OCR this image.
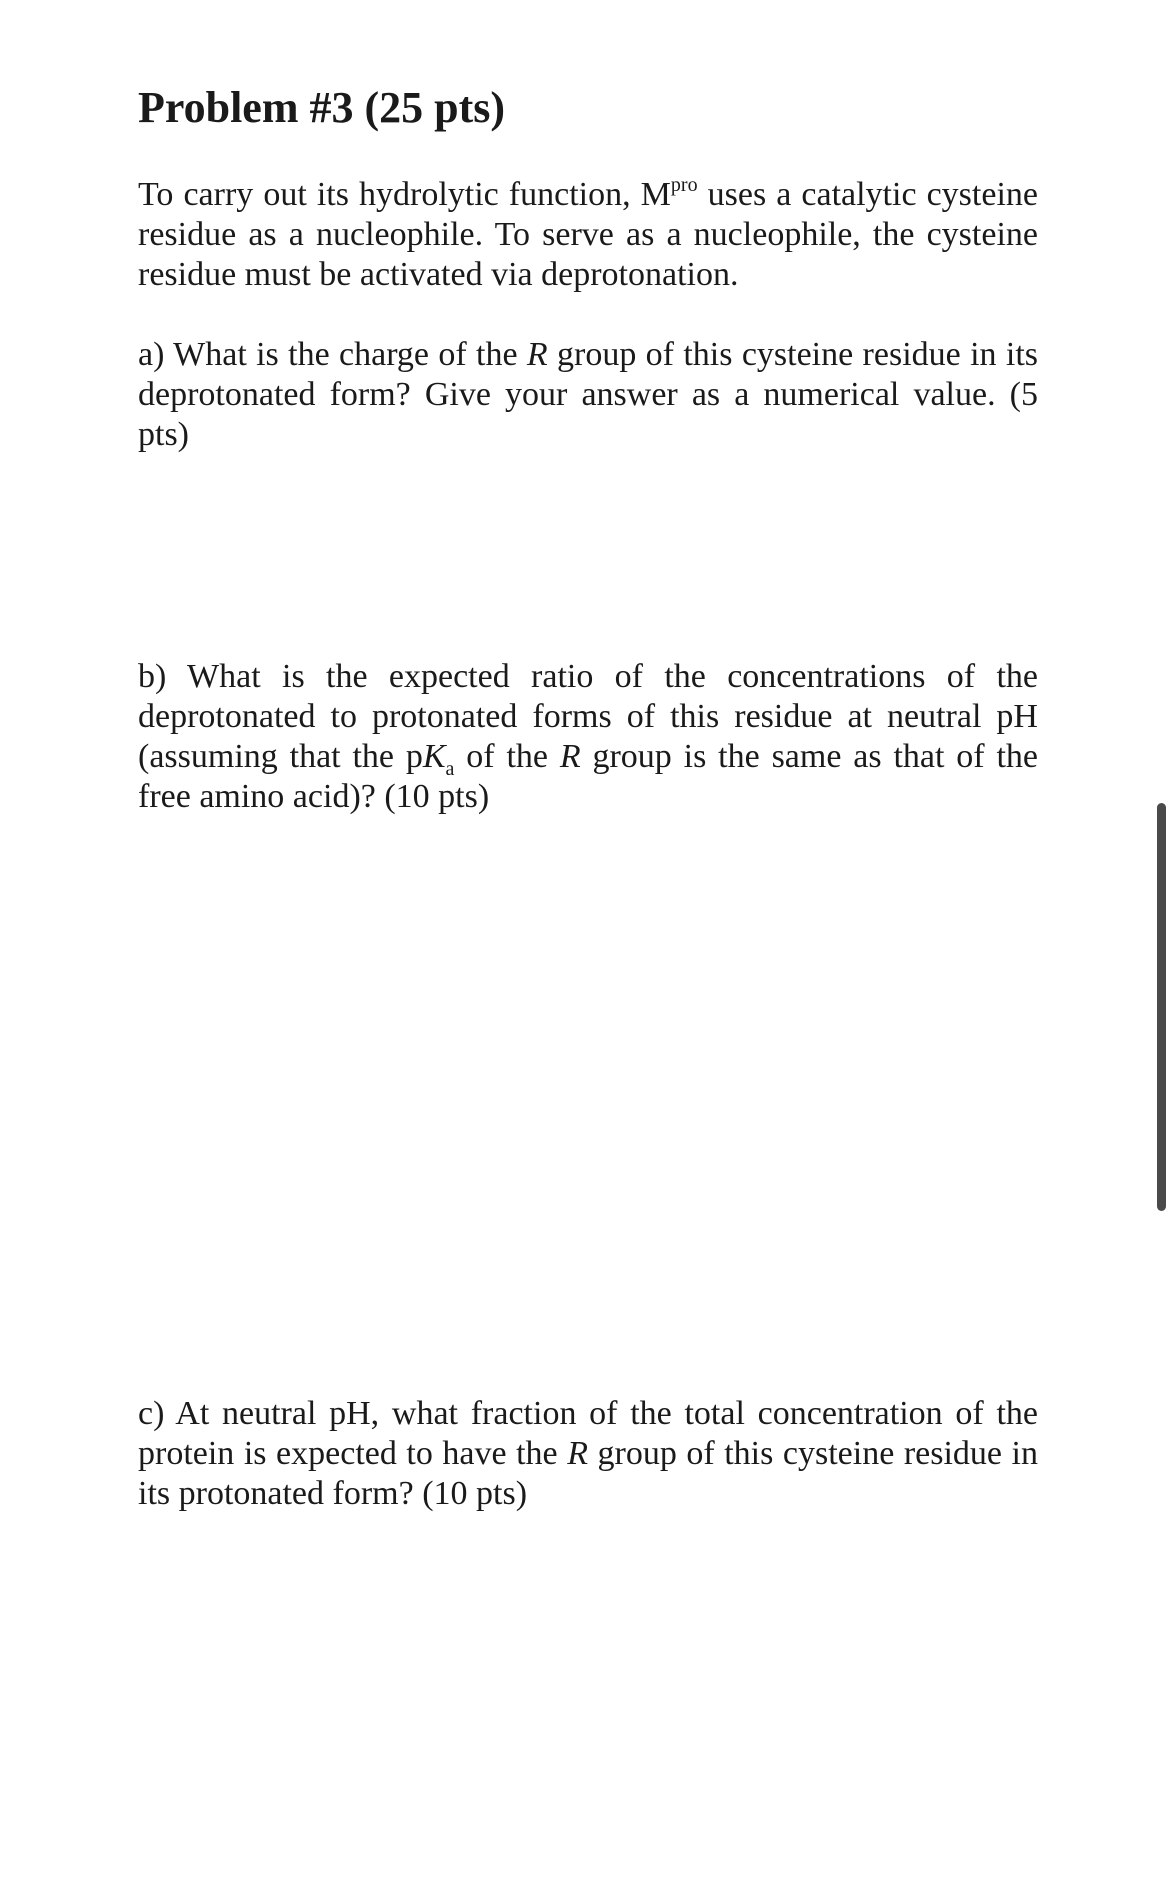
Problem #3 (25 pts)

To carry out its hydrolytic function, $M^{pro}$ uses a catalytic cysteine residue as a nucleophile. To serve as a nucleophile, the cysteine residue must be activated via deprotonation.

a) What is the charge of the R group of this cysteine residue in its deprotonated form? Give your answer as a numerical value. (5 pts)

b) What is the expected ratio of the concentrations of the deprotonated to protonated forms of this residue at neutral pH (assuming that the $pK_a$ of the R group is the same as that of the free amino acid)? (10 pts)

c) At neutral pH, what fraction of the total concentration of the protein is expected to have the R group of this cysteine residue in its protonated form? (10 pts)
